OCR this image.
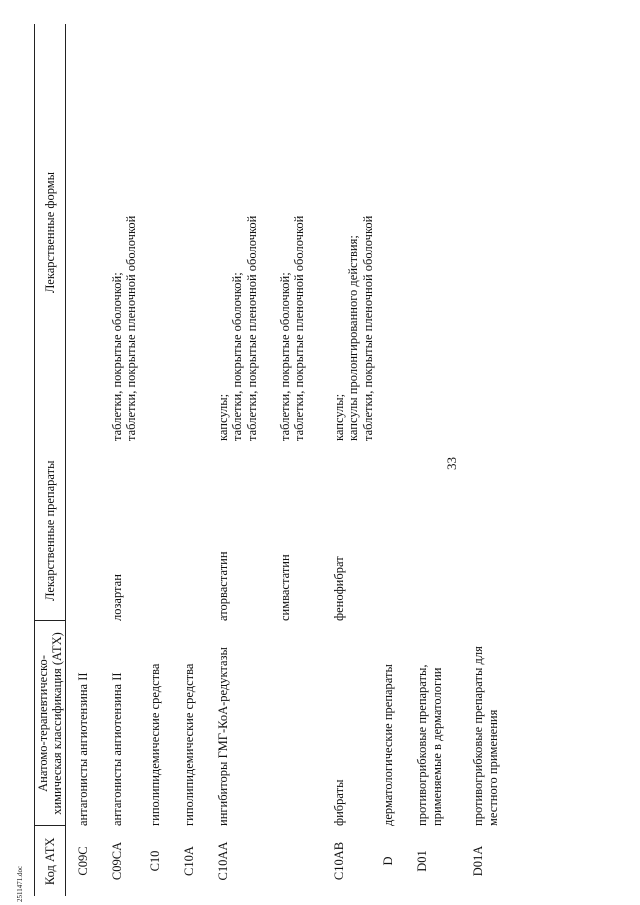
2511471.doc
33
Код АТХ	Анатомо-терапевтическо-химическая классификация (АТХ)	Лекарственные препараты	Лекарственные формы
C09C	антагонисты ангиотензина II		

C09CA	антагонисты ангиотензина II	лозартан	таблетки, покрытые оболочкой; таблетки, покрытые пленочной оболочкой

C10	гиполипидемические средства		

C10A	гиполипидемические средства		

C10AA	ингибиторы ГМГ-КоА-редуктазы	аторвастатин	капсулы; таблетки, покрытые оболочкой; таблетки, покрытые пленочной оболочкой

		симвастатин	таблетки, покрытые оболочкой; таблетки, покрытые пленочной оболочкой

C10AB	фибраты	фенофибрат	капсулы; капсулы пролонгированного действия; таблетки, покрытые пленочной оболочкой

D	дерматологические препараты		

D01	противогрибковые препараты, применяемые в дерматологии		

D01A	противогрибковые препараты для местного применения		
